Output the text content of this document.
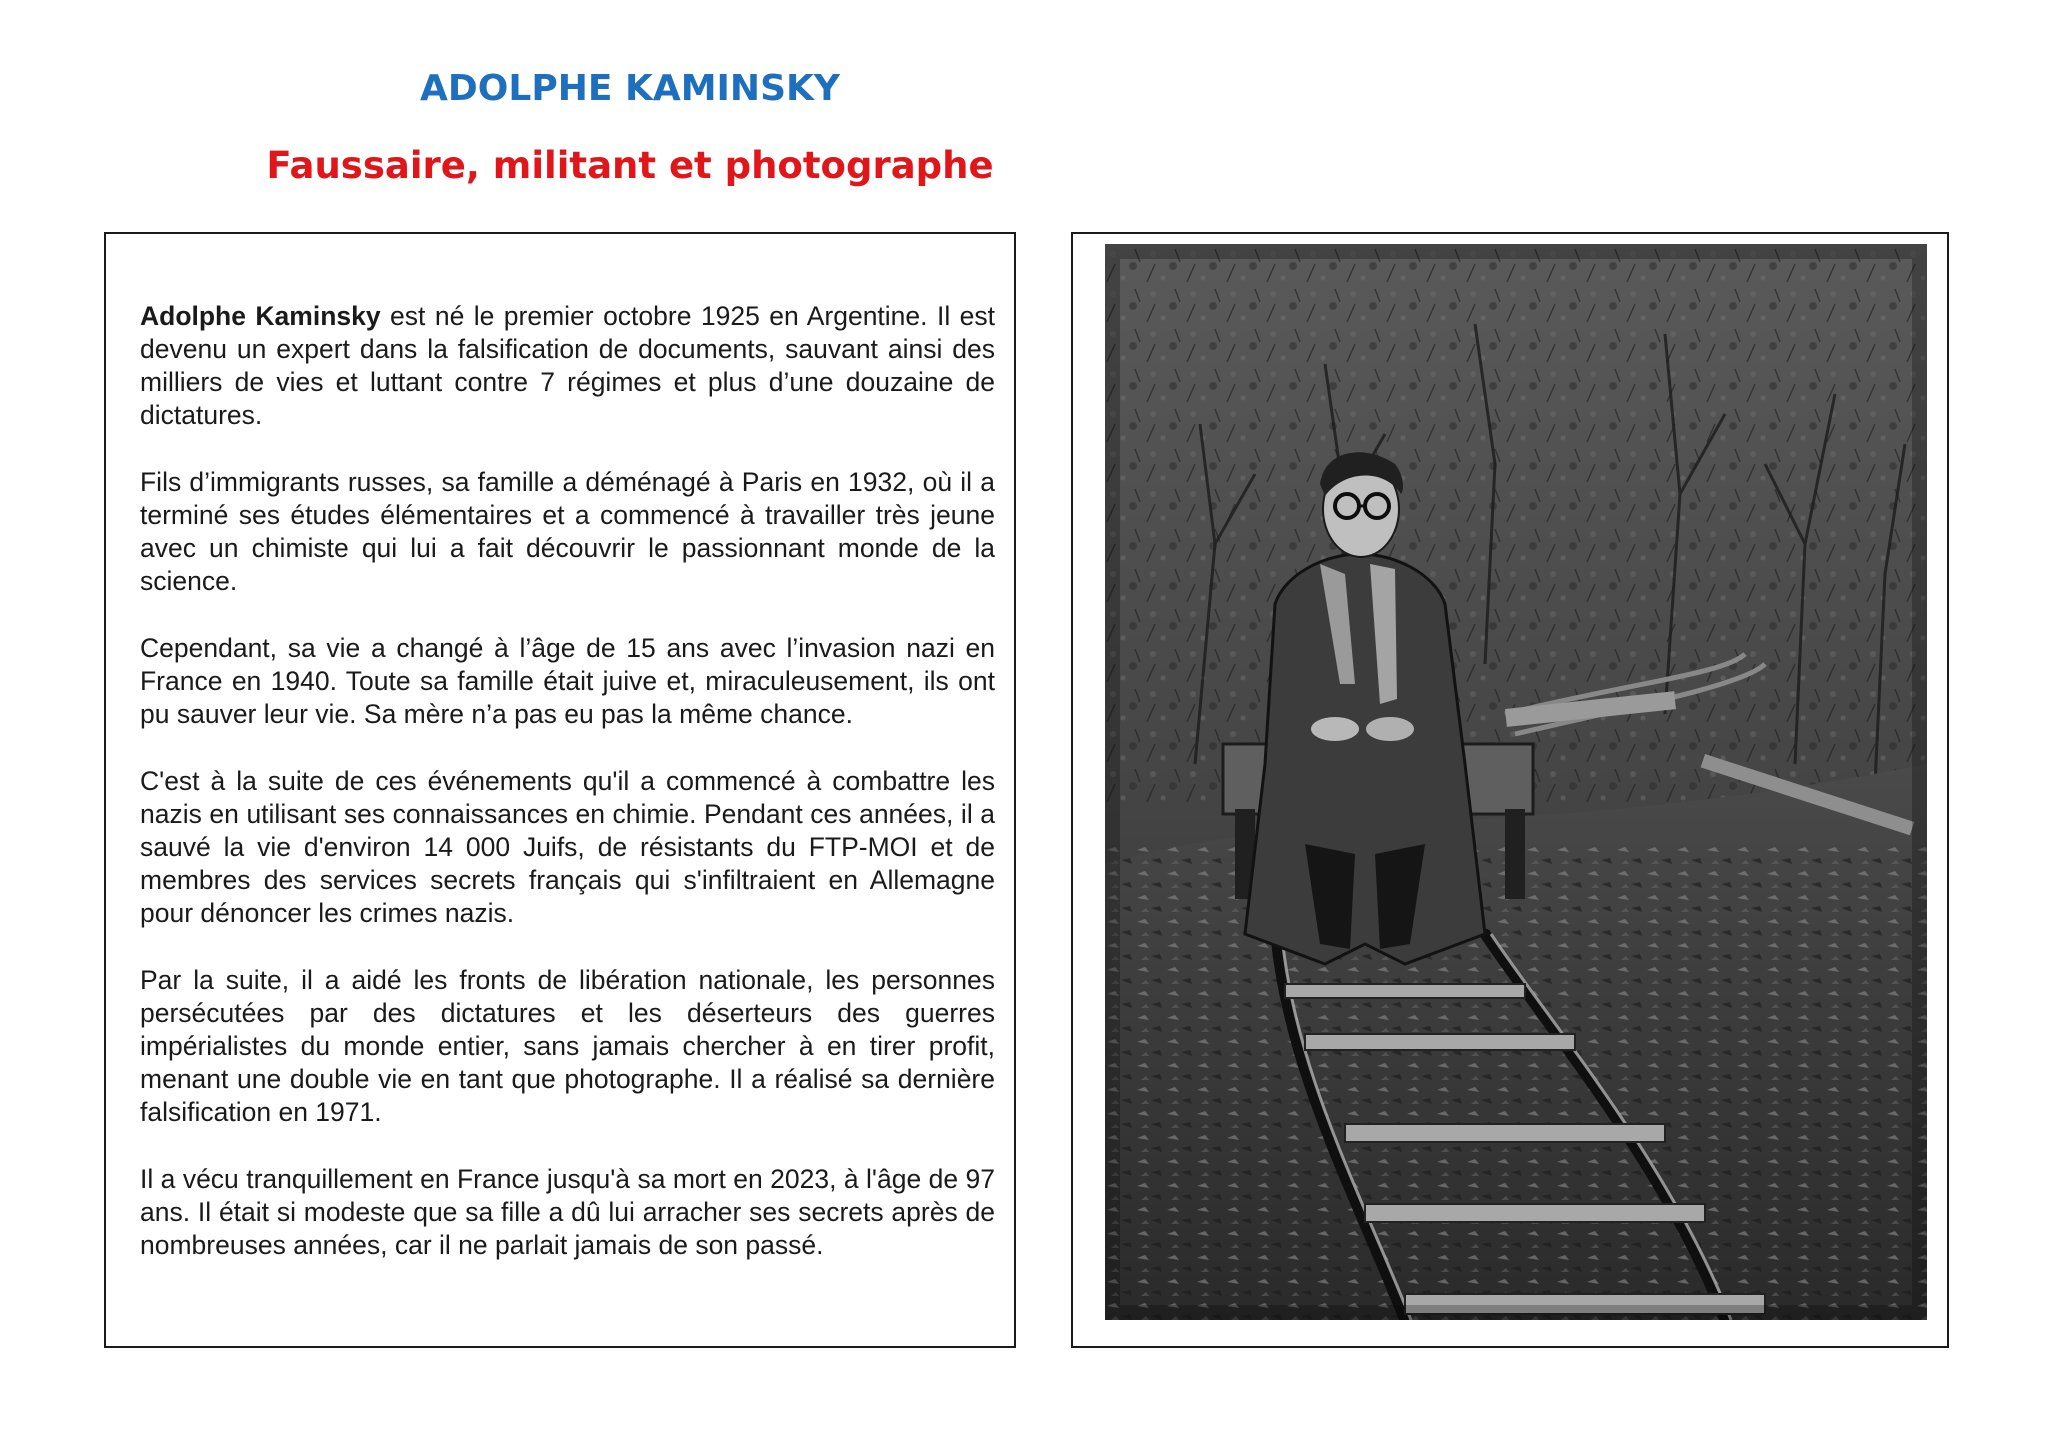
ADOLPHE KAMINSKY
Faussaire, militant et photographe

Adolphe Kaminsky est né le premier octobre 1925 en Argentine. Il est devenu un expert dans la falsification de documents, sauvant ainsi des milliers de vies et luttant contre 7 régimes et plus d’une douzaine de dictatures.

Fils d’immigrants russes, sa famille a déménagé à Paris en 1932, où il a terminé ses études élémentaires et a commencé à travailler très jeune avec un chimiste qui lui a fait découvrir le passionnant monde de la science.

Cependant, sa vie a changé à l’âge de 15 ans avec l’invasion nazi en France en 1940. Toute sa famille était juive et, miraculeusement, ils ont pu sauver leur vie. Sa mère n’a pas eu pas la même chance.

C'est à la suite de ces événements qu'il a commencé à combattre les nazis en utilisant ses connaissances en chimie. Pendant ces années, il a sauvé la vie d'environ 14 000 Juifs, de résistants du FTP-MOI et de membres des services secrets français qui s'infiltraient en Allemagne pour dénoncer les crimes nazis.

Par la suite, il a aidé les fronts de libération nationale, les personnes persécutées par des dictatures et les déserteurs des guerres impérialistes du monde entier, sans jamais chercher à en tirer profit, menant une double vie en tant que photographe. Il a réalisé sa dernière falsification en 1971.

Il a vécu tranquillement en France jusqu'à sa mort en 2023, à l'âge de 97 ans. Il était si modeste que sa fille a dû lui arracher ses secrets après de nombreuses années, car il ne parlait jamais de son passé.
